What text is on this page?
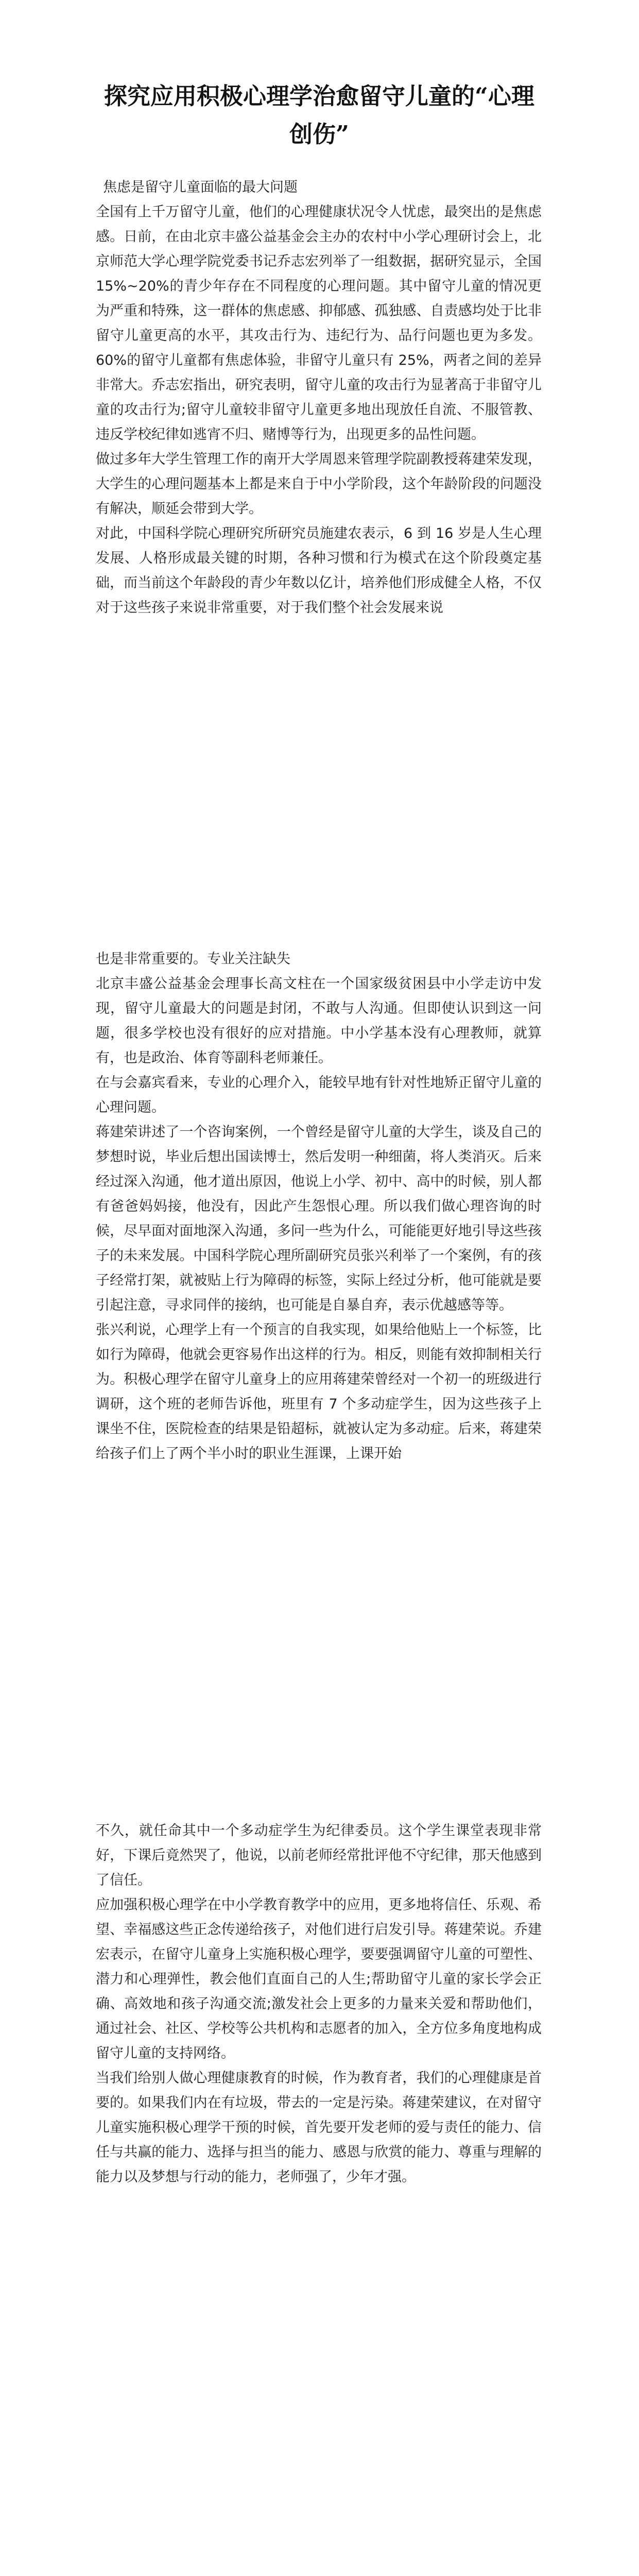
探究应用积极心理学治愈留守儿童的“心理创伤”

焦虑是留守儿童面临的最大问题

全国有上千万留守儿童，他们的心理健康状况令人忧虑，最突出的是焦虑感。日前，在由北京丰盛公益基金会主办的农村中小学心理研讨会上，北京师范大学心理学院党委书记乔志宏列举了一组数据，据研究显示，全国 15%~20%的青少年存在不同程度的心理问题。其中留守儿童的情况更为严重和特殊，这一群体的焦虑感、抑郁感、孤独感、自责感均处于比非留守儿童更高的水平，其攻击行为、违纪行为、品行问题也更为多发。60%的留守儿童都有焦虑体验，非留守儿童只有 25%，两者之间的差异非常大。乔志宏指出，研究表明，留守儿童的攻击行为显著高于非留守儿童的攻击行为;留守儿童较非留守儿童更多地出现放任自流、不服管教、违反学校纪律如逃宵不归、赌博等行为，出现更多的品性问题。

做过多年大学生管理工作的南开大学周恩来管理学院副教授蒋建荣发现，大学生的心理问题基本上都是来自于中小学阶段，这个年龄阶段的问题没有解决，顺延会带到大学。

对此，中国科学院心理研究所研究员施建农表示，6 到 16 岁是人生心理发展、人格形成最关键的时期，各种习惯和行为模式在这个阶段奠定基础，而当前这个年龄段的青少年数以亿计，培养他们形成健全人格，不仅对于这些孩子来说非常重要，对于我们整个社会发展来说

也是非常重要的。专业关注缺失

北京丰盛公益基金会理事长高文柱在一个国家级贫困县中小学走访中发现，留守儿童最大的问题是封闭，不敢与人沟通。但即使认识到这一问题，很多学校也没有很好的应对措施。中小学基本没有心理教师，就算有，也是政治、体育等副科老师兼任。

在与会嘉宾看来，专业的心理介入，能较早地有针对性地矫正留守儿童的心理问题。

蒋建荣讲述了一个咨询案例，一个曾经是留守儿童的大学生，谈及自己的梦想时说，毕业后想出国读博士，然后发明一种细菌，将人类消灭。后来经过深入沟通，他才道出原因，他说上小学、初中、高中的时候，别人都有爸爸妈妈接，他没有，因此产生怨恨心理。所以我们做心理咨询的时候，尽早面对面地深入沟通，多问一些为什么，可能能更好地引导这些孩子的未来发展。中国科学院心理所副研究员张兴利举了一个案例，有的孩子经常打架，就被贴上行为障碍的标签，实际上经过分析，他可能就是要引起注意，寻求同伴的接纳，也可能是自暴自弃，表示优越感等等。

张兴利说，心理学上有一个预言的自我实现，如果给他贴上一个标签，比如行为障碍，他就会更容易作出这样的行为。相反，则能有效抑制相关行为。积极心理学在留守儿童身上的应用蒋建荣曾经对一个初一的班级进行调研，这个班的老师告诉他，班里有 7 个多动症学生，因为这些孩子上课坐不住，医院检查的结果是铅超标，就被认定为多动症。后来，蒋建荣给孩子们上了两个半小时的职业生涯课，上课开始

不久，就任命其中一个多动症学生为纪律委员。这个学生课堂表现非常好，下课后竟然哭了，他说，以前老师经常批评他不守纪律，那天他感到了信任。

应加强积极心理学在中小学教育教学中的应用，更多地将信任、乐观、希望、幸福感这些正念传递给孩子，对他们进行启发引导。蒋建荣说。乔建宏表示，在留守儿童身上实施积极心理学，要要强调留守儿童的可塑性、潜力和心理弹性，教会他们直面自己的人生;帮助留守儿童的家长学会正确、高效地和孩子沟通交流;激发社会上更多的力量来关爱和帮助他们，通过社会、社区、学校等公共机构和志愿者的加入，全方位多角度地构成留守儿童的支持网络。

当我们给别人做心理健康教育的时候，作为教育者，我们的心理健康是首要的。如果我们内在有垃圾，带去的一定是污染。蒋建荣建议，在对留守儿童实施积极心理学干预的时候，首先要开发老师的爱与责任的能力、信任与共赢的能力、选择与担当的能力、感恩与欣赏的能力、尊重与理解的能力以及梦想与行动的能力，老师强了，少年才强。
